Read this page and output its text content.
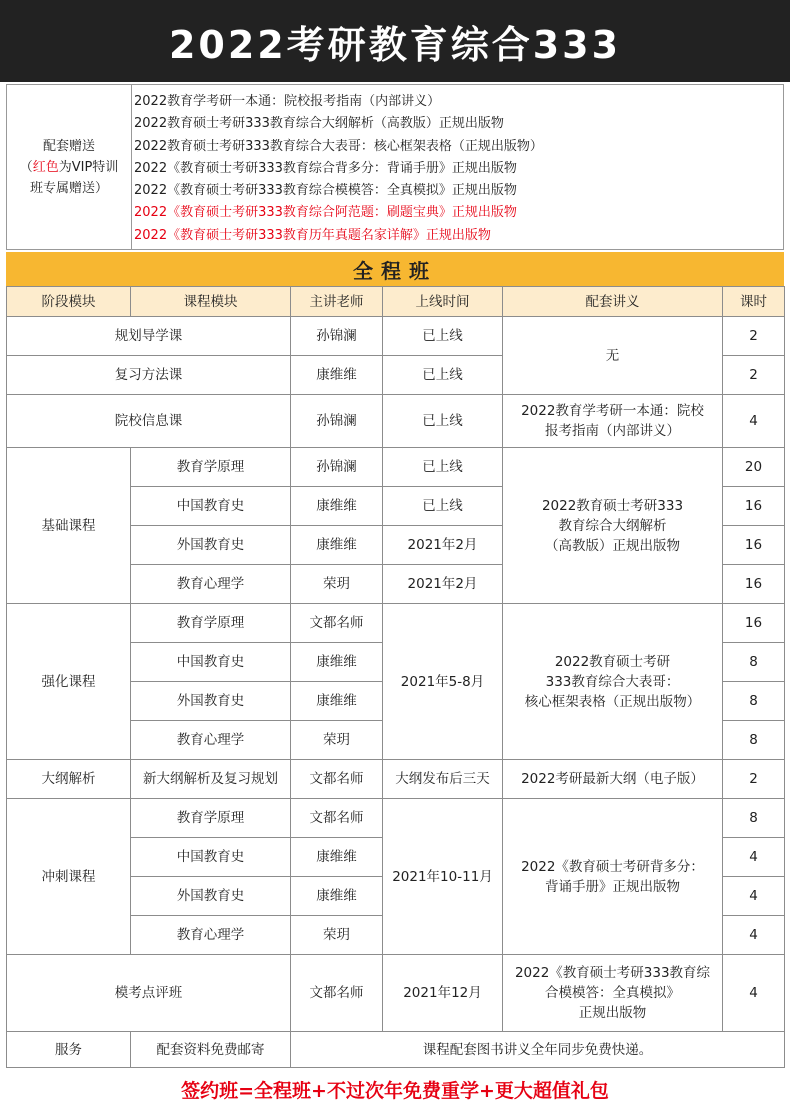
2022考研教育综合333
配套赠送
（红色为VIP特训
班专属赠送）
2022教育学考研一本通：院校报考指南（内部讲义）
2022教育硕士考研333教育综合大纲解析（高教版）正规出版物
2022教育硕士考研333教育综合大表哥：核心框架表格（正规出版物）
2022《教育硕士考研333教育综合背多分：背诵手册》正规出版物
2022《教育硕士考研333教育综合模模答：全真模拟》正规出版物
2022《教育硕士考研333教育综合阿范题：刷题宝典》正规出版物
2022《教育硕士考研333教育历年真题名家详解》正规出版物
全程班
阶段模块	课程模块	主讲老师	上线时间	配套讲义	课时
规划导学课		孙锦澜	已上线	无	2
复习方法课		康维维	已上线		2
院校信息课		孙锦澜	已上线	2022教育学考研一本通：院校
报考指南（内部讲义）	4
基础课程	教育学原理	孙锦澜	已上线	2022教育硕士考研333
教育综合大纲解析
（高教版）正规出版物	20
	中国教育史	康维维	已上线		16
	外国教育史	康维维	2021年2月		16
	教育心理学	荣玥	2021年2月		16
强化课程	教育学原理	文都名师	2021年5-8月	2022教育硕士考研
333教育综合大表哥：
核心框架表格（正规出版物）	16
	中国教育史	康维维			8
	外国教育史	康维维			8
	教育心理学	荣玥			8
大纲解析	新大纲解析及复习规划	文都名师	大纲发布后三天	2022考研最新大纲（电子版）	2
冲刺课程	教育学原理	文都名师	2021年10-11月	2022《教育硕士考研背多分：
背诵手册》正规出版物	8
	中国教育史	康维维			4
	外国教育史	康维维			4
	教育心理学	荣玥			4
模考点评班		文都名师	2021年12月	2022《教育硕士考研333教育综
合模模答：全真模拟》
正规出版物	4
服务	配套资料免费邮寄	课程配套图书讲义全年同步免费快递。			
签约班=全程班+不过次年免费重学+更大超值礼包
